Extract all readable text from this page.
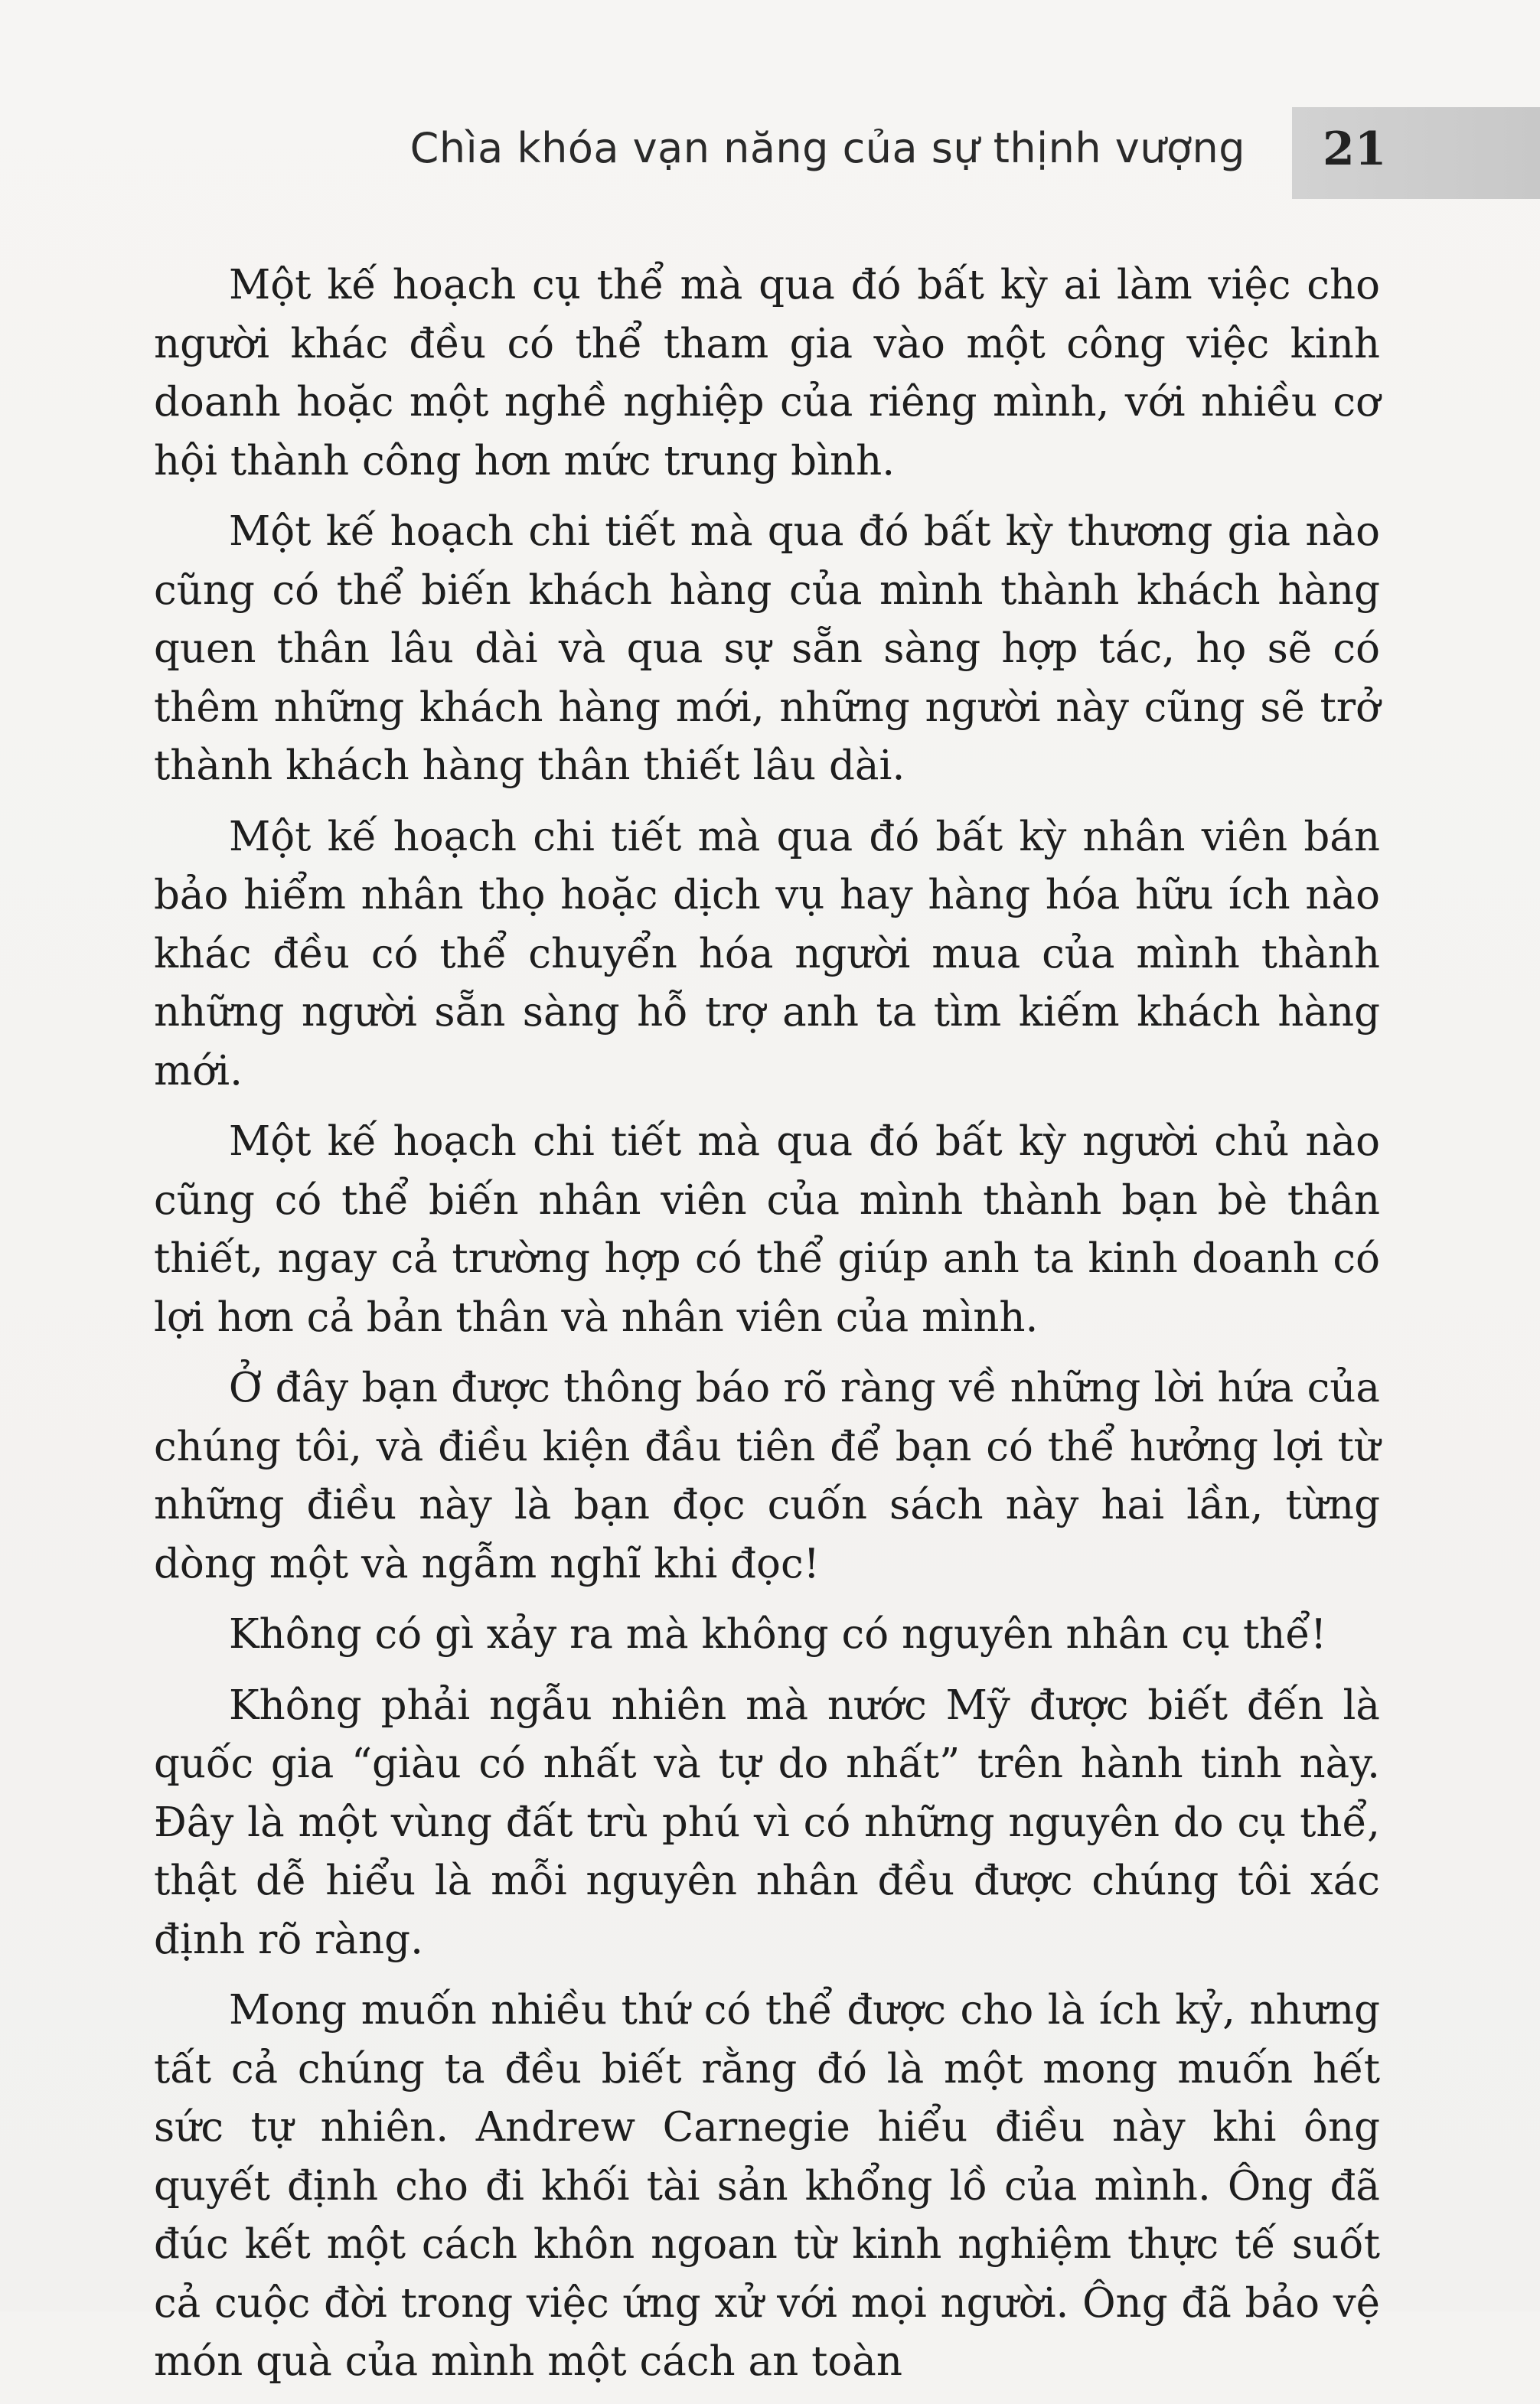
Chìa khóa vạn năng của sự thịnh vượng 21

Một kế hoạch cụ thể mà qua đó bất kỳ ai làm việc cho người khác đều có thể tham gia vào một công việc kinh doanh hoặc một nghề nghiệp của riêng mình, với nhiều cơ hội thành công hơn mức trung bình.

Một kế hoạch chi tiết mà qua đó bất kỳ thương gia nào cũng có thể biến khách hàng của mình thành khách hàng quen thân lâu dài và qua sự sẵn sàng hợp tác, họ sẽ có thêm những khách hàng mới, những người này cũng sẽ trở thành khách hàng thân thiết lâu dài.

Một kế hoạch chi tiết mà qua đó bất kỳ nhân viên bán bảo hiểm nhân thọ hoặc dịch vụ hay hàng hóa hữu ích nào khác đều có thể chuyển hóa người mua của mình thành những người sẵn sàng hỗ trợ anh ta tìm kiếm khách hàng mới.

Một kế hoạch chi tiết mà qua đó bất kỳ người chủ nào cũng có thể biến nhân viên của mình thành bạn bè thân thiết, ngay cả trường hợp có thể giúp anh ta kinh doanh có lợi hơn cả bản thân và nhân viên của mình.

Ở đây bạn được thông báo rõ ràng về những lời hứa của chúng tôi, và điều kiện đầu tiên để bạn có thể hưởng lợi từ những điều này là bạn đọc cuốn sách này hai lần, từng dòng một và ngẫm nghĩ khi đọc!

Không có gì xảy ra mà không có nguyên nhân cụ thể!

Không phải ngẫu nhiên mà nước Mỹ được biết đến là quốc gia “giàu có nhất và tự do nhất” trên hành tinh này. Đây là một vùng đất trù phú vì có những nguyên do cụ thể, thật dễ hiểu là mỗi nguyên nhân đều được chúng tôi xác định rõ ràng.

Mong muốn nhiều thứ có thể được cho là ích kỷ, nhưng tất cả chúng ta đều biết rằng đó là một mong muốn hết sức tự nhiên. Andrew Carnegie hiểu điều này khi ông quyết định cho đi khối tài sản khổng lồ của mình. Ông đã đúc kết một cách khôn ngoan từ kinh nghiệm thực tế suốt cả cuộc đời trong việc ứng xử với mọi người. Ông đã bảo vệ món quà của mình một cách an toàn
